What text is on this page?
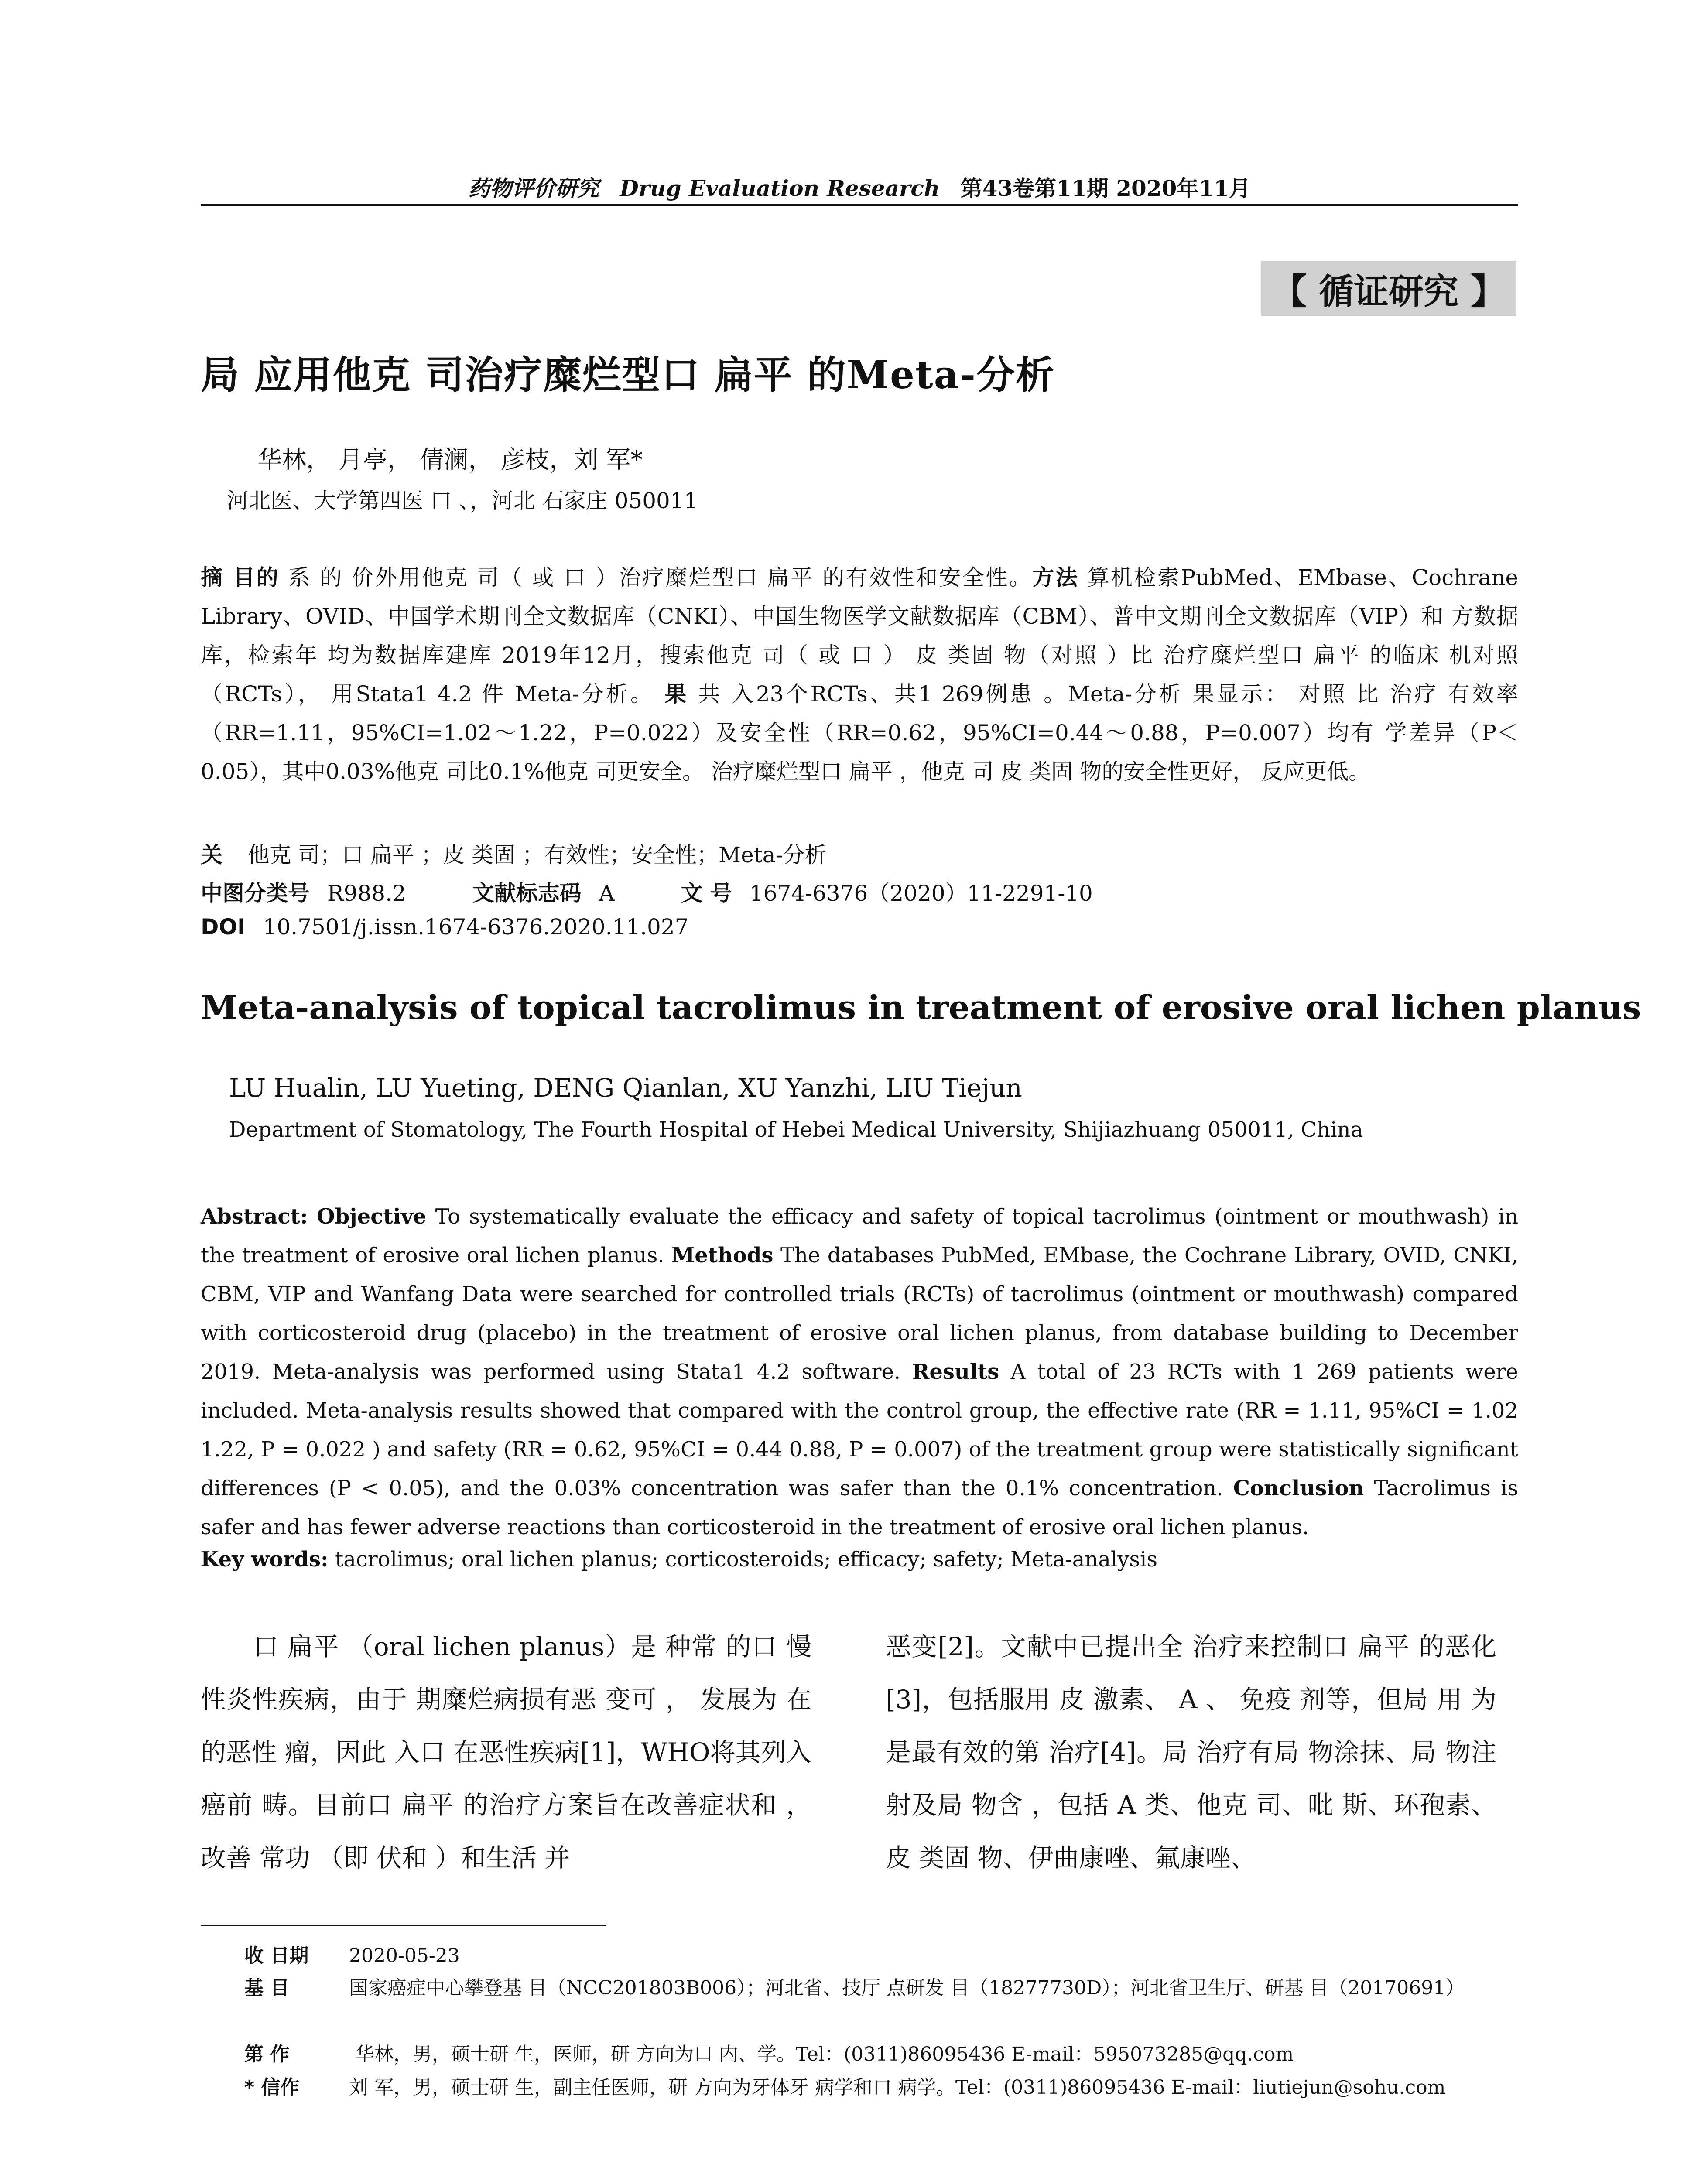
药物评价研究 Drug Evaluation Research 第43卷第11期 2020年11月
【 循证研究 】
局 应用他克 司治疗糜烂型口 扁平 的Meta-分析
华林， 月亭， 倩澜， 彦枝，刘 军*
河北医、大学第四医 口 、，河北 石家庄 050011
摘 目的 系 的 价外用他克 司（ 或 口 ）治疗糜烂型口 扁平 的有效性和安全性。方法 算机检索PubMed、EMbase、Cochrane Library、OVID、中国学术期刊全文数据库（CNKI）、中国生物医学文献数据库（CBM）、普中文期刊全文数据库（VIP）和 方数据库，检索年 均为数据库建库 2019年12月，搜索他克 司（ 或 口 ） 皮 类固 物（对照 ）比 治疗糜烂型口 扁平 的临床 机对照 （RCTs）， 用Stata1 4.2 件 Meta-分析。 果 共 入23个RCTs、共1 269例患 。Meta-分析 果显示： 对照 比 治疗 有效率（RR=1.11，95%CI=1.02～1.22，P=0.022）及安全性（RR=0.62，95%CI=0.44～0.88，P=0.007）均有 学差异（P＜0.05），其中0.03%他克 司比0.1%他克 司更安全。 治疗糜烂型口 扁平 ，他克 司 皮 类固 物的安全性更好， 反应更低。
关 他克 司；口 扁平 ；皮 类固 ；有效性；安全性；Meta-分析
中图分类号 R988.2	文献标志码 A	文 号 1674-6376（2020）11-2291-10
DOI 10.7501/j.issn.1674-6376.2020.11.027
Meta-analysis of topical tacrolimus in treatment of erosive oral lichen planus
LU Hualin, LU Yueting, DENG Qianlan, XU Yanzhi, LIU Tiejun
Department of Stomatology, The Fourth Hospital of Hebei Medical University, Shijiazhuang 050011, China
Abstract: Objective To systematically evaluate the efficacy and safety of topical tacrolimus (ointment or mouthwash) in the treatment of erosive oral lichen planus. Methods The databases PubMed, EMbase, the Cochrane Library, OVID, CNKI, CBM, VIP and Wanfang Data were searched for controlled trials (RCTs) of tacrolimus (ointment or mouthwash) compared with corticosteroid drug (placebo) in the treatment of erosive oral lichen planus, from database building to December 2019. Meta-analysis was performed using Stata1 4.2 software. Results A total of 23 RCTs with 1 269 patients were included. Meta-analysis results showed that compared with the control group, the effective rate (RR = 1.11, 95%CI = 1.02 1.22, P = 0.022 ) and safety (RR = 0.62, 95%CI = 0.44 0.88, P = 0.007) of the treatment group were statistically significant differences (P < 0.05), and the 0.03% concentration was safer than the 0.1% concentration. Conclusion Tacrolimus is safer and has fewer adverse reactions than corticosteroid in the treatment of erosive oral lichen planus.
Key words: tacrolimus; oral lichen planus; corticosteroids; efficacy; safety; Meta-analysis
口 扁平 （oral lichen planus）是 种常 的口 慢性炎性疾病，由于 期糜烂病损有恶 变可 ， 发展为 在的恶性 瘤，因此 入口 在恶性疾病[1]，WHO将其列入癌前 畴。目前口 扁平 的治疗方案旨在改善症状和 ，改善 常功 （即 伏和 ）和生活 并
恶变[2]。文献中已提出全 治疗来控制口 扁平 的恶化[3]，包括服用 皮 激素、 A 、 免疫 剂等，但局 用 为是最有效的第 治疗[4]。局 治疗有局 物涂抹、局 物注射及局 物含 ，包括 A 类、他克 司、吡 斯、环孢素、皮 类固 物、伊曲康唑、氟康唑、
收 日期 2020-05-23
基 目	国家癌症中心攀登基 目（NCC201803B006）；河北省、技厅 点研发 目（18277730D）；河北省卫生厅、研基 目（20170691）
第 作	华林，男，硕士研 生，医师，研 方向为口 内、学。Tel：(0311)86095436 E-mail：595073285@qq.com
* 信作	刘 军，男，硕士研 生，副主任医师，研 方向为牙体牙 病学和口 病学。Tel：(0311)86095436 E-mail：liutiejun@sohu.com
